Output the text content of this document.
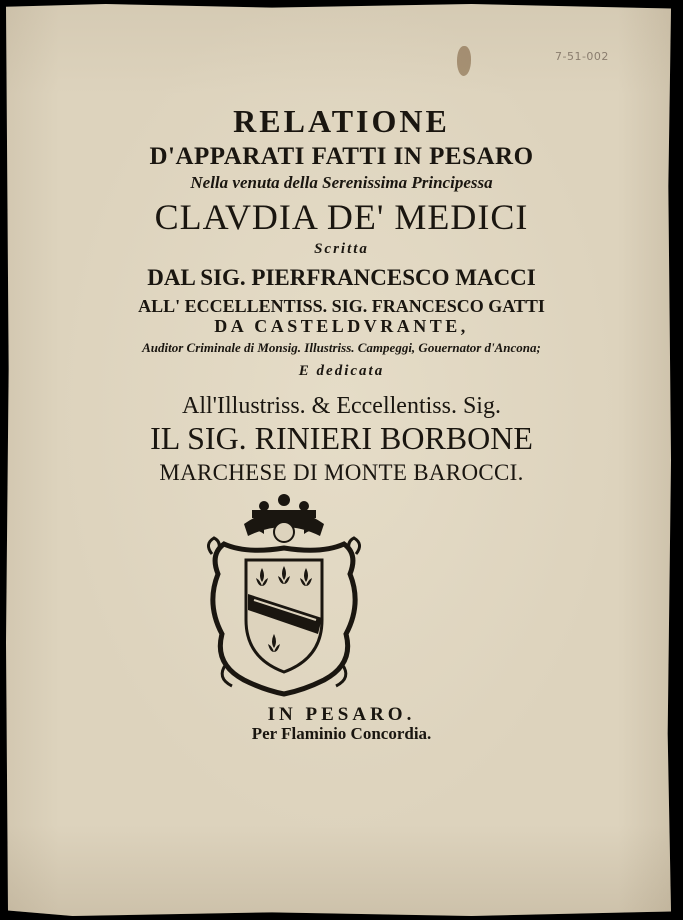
7-51-002
RELATIONE
D'APPARATI FATTI IN PESARO
Nella venuta della Serenissima Principessa
CLAVDIA DE' MEDICI
Scritta
DAL SIG. PIERFRANCESCO MACCI
ALL' ECCELLENTISS. SIG. FRANCESCO GATTI
DA CASTELDVRANTE,
Auditor Criminale di Monsig. Illustriss. Campeggi, Gouernator d'Ancona;
E dedicata
All'Illustriss. & Eccellentiss. Sig.
IL SIG. RINIERI BORBONE
MARCHESE DI MONTE BAROCCI.
IN PESARO.
Per Flaminio Concordia.
